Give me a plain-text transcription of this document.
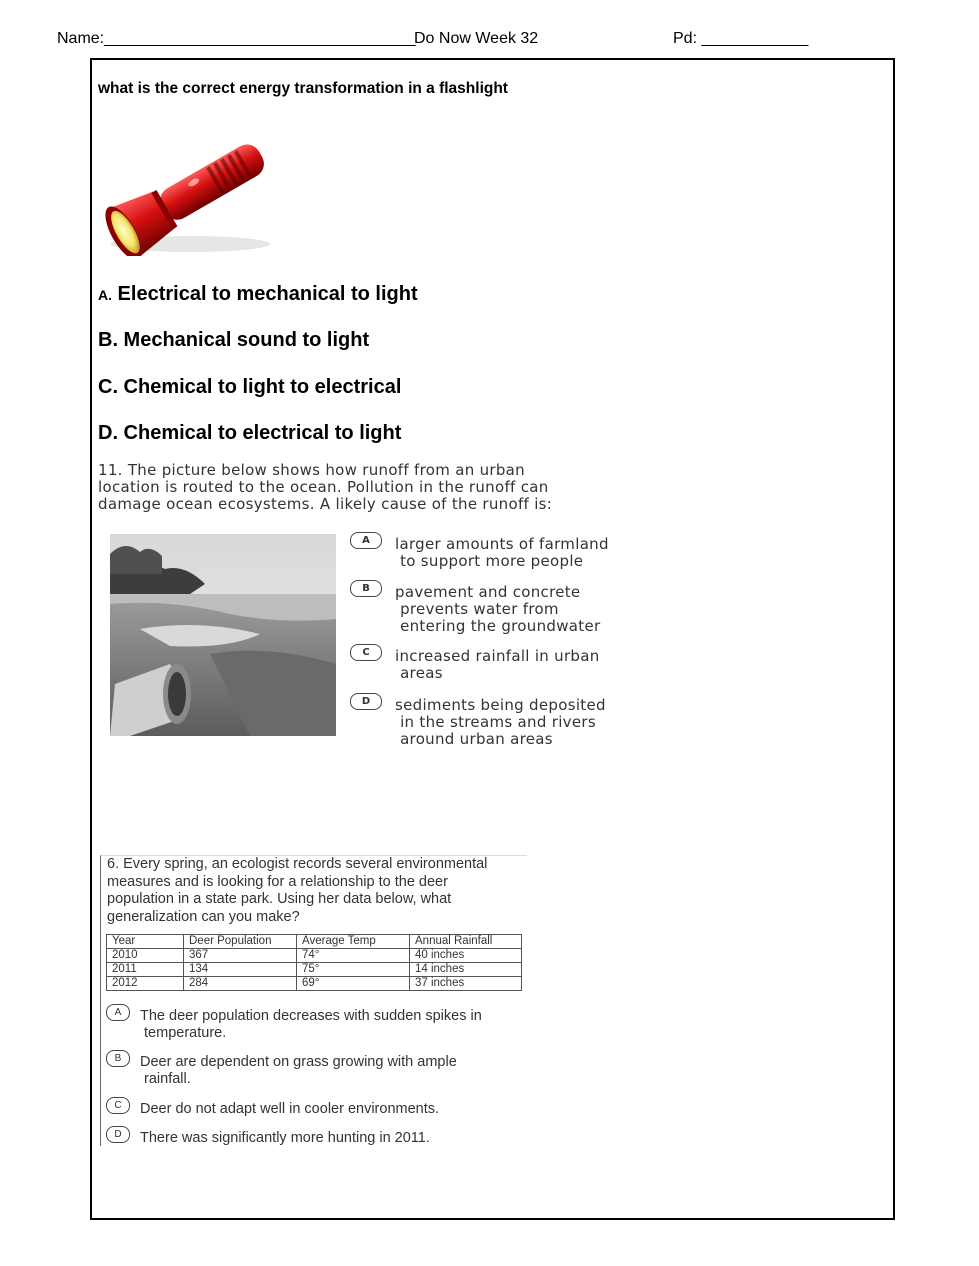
Name:___________________________________
Do Now Week 32	Pd: ____________
what is the correct energy transformation in a flashlight
A. Electrical to mechanical to light
B. Mechanical sound to light
C. Chemical to light to electrical
D. Chemical to electrical to light
11. The picture below shows how runoff from an urban
location is routed to the ocean. Pollution in the runoff can
damage ocean ecosystems. A likely cause of the runoff is:
A	larger amounts of farmland
to support more people
B	pavement and concrete
prevents water from
entering the groundwater
C	increased rainfall in urban
areas
D	sediments being deposited
in the streams and rivers
around urban areas
6. Every spring, an ecologist records several environmental
measures and is looking for a relationship to the deer
population in a state park. Using her data below, what
generalization can you make?
Year	Deer Population	Average Temp	Annual Rainfall
2010	367	74°	40 inches
2011	134	75°	14 inches
2012	284	69°	37 inches
A	The deer population decreases with sudden spikes in
temperature.
B	Deer are dependent on grass growing with ample
rainfall.
C	Deer do not adapt well in cooler environments.
D	There was significantly more hunting in 2011.
